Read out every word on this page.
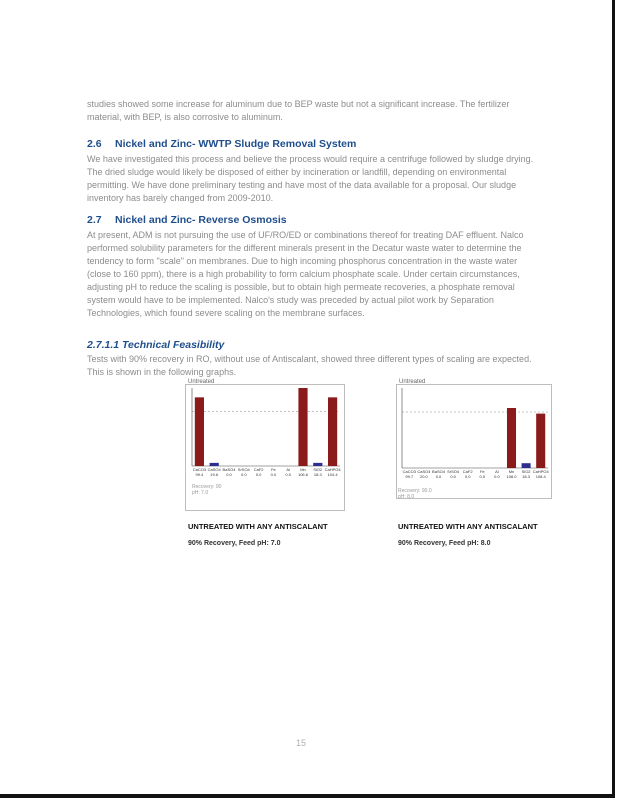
studies showed some increase for aluminum due to BEP waste but not a significant increase. The fertilizer material, with BEP, is also corrosive to aluminum.

2.6 Nickel and Zinc- WWTP Sludge Removal System

We have investigated this process and believe the process would require a centrifuge followed by sludge drying. The dried sludge would likely be disposed of either by incineration or landfill, depending on environmental permitting. We have done preliminary testing and have most of the data available for a proposal. Our sludge inventory has barely changed from 2009-2010.

2.7 Nickel and Zinc- Reverse Osmosis

At present, ADM is not pursuing the use of UF/RO/ED or combinations thereof for treating DAF effluent. Nalco performed solubility parameters for the different minerals present in the Decatur waste water to determine the tendency to form "scale" on membranes. Due to high incoming phosphorus concentration in the waste water (close to 160 ppm), there is a high probability to form calcium phosphate scale. Under certain circumstances, adjusting pH to reduce the scaling is possible, but to obtain high permeate recoveries, a phosphate removal system would have to be implemented. Nalco's study was preceded by actual pilot work by Separation Technologies, which found severe scaling on the membrane surfaces.

2.7.1.1 Technical Feasibility

Tests with 90% recovery in RO, without use of Antiscalant, showed three different types of scaling are expected. This is shown in the following graphs.

Untreated
CaCO3
99.4
CaSO4
19.6
BaSO4
0.0
SrSO4
0.0
CaF2
0.0
Fe
0.0
Al
0.0
Mn
106.6
SiO2
18.3
CaHPO4
104.4
Recovery: 90
pH: 7.0
UNTREATED WITH ANY ANTISCALANT
90% Recovery, Feed pH: 7.0
Untreated
CaCO3
99.7
CaSO4
20.0
BaSO4
0.0
SrSO4
0.0
CaF2
0.0
Fe
0.0
Al
0.0
Mn
108.0
SiO2
18.3
CaHPO4
108.4
Recovery: 90.0
pH: 8.0
UNTREATED WITH ANY ANTISCALANT
90% Recovery, Feed pH: 8.0
15
